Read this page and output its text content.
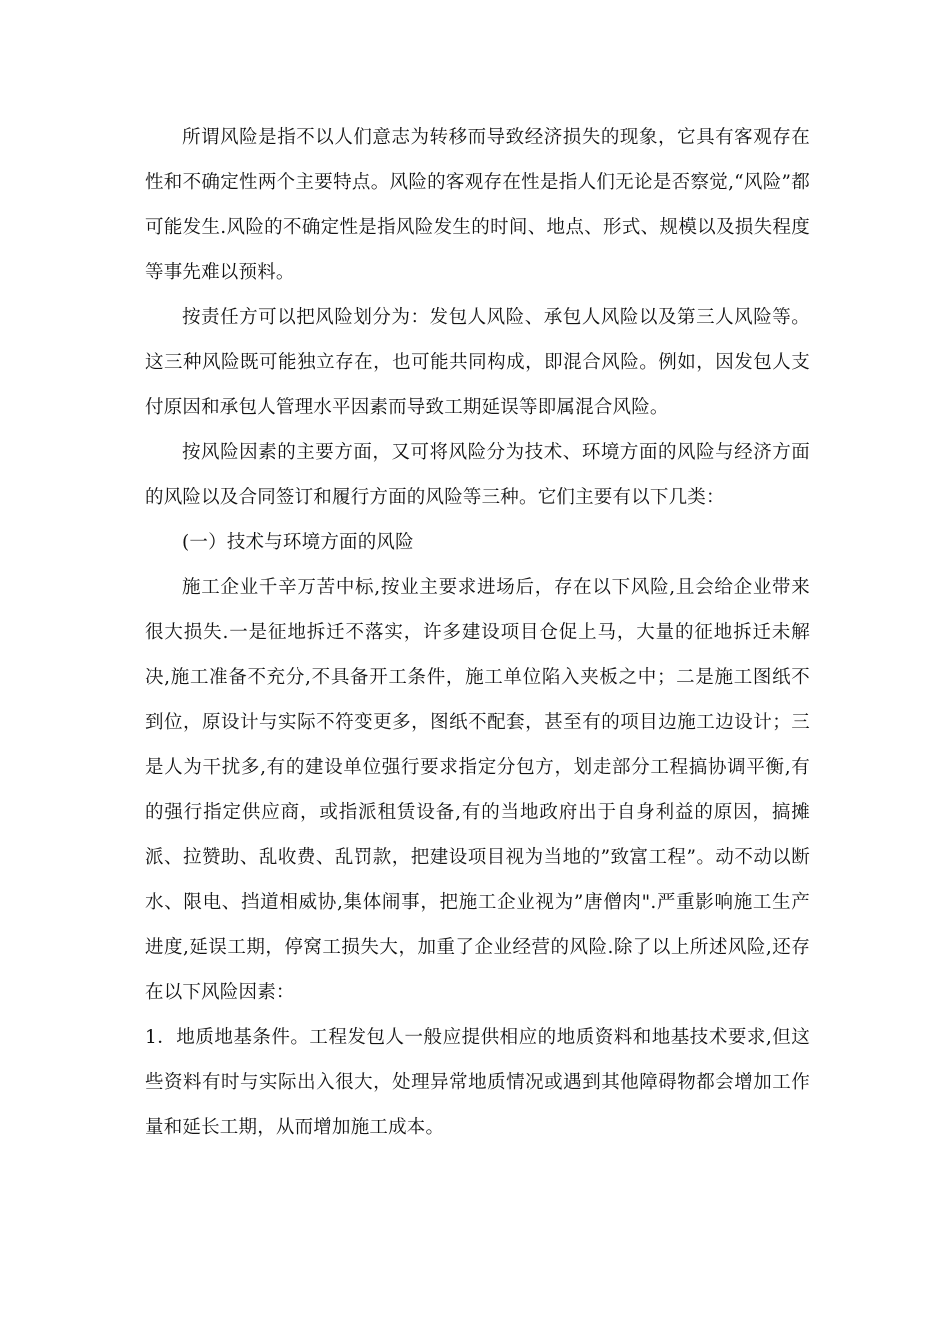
所谓风险是指不以人们意志为转移而导致经济损失的现象，它具有客观存在性和不确定性两个主要特点。风险的客观存在性是指人们无论是否察觉,“风险”都可能发生.风险的不确定性是指风险发生的时间、地点、形式、规模以及损失程度等事先难以预料。

按责任方可以把风险划分为：发包人风险、承包人风险以及第三人风险等。这三种风险既可能独立存在，也可能共同构成，即混合风险。例如，因发包人支付原因和承包人管理水平因素而导致工期延误等即属混合风险。

按风险因素的主要方面，又可将风险分为技术、环境方面的风险与经济方面的风险以及合同签订和履行方面的风险等三种。它们主要有以下几类：

(一）技术与环境方面的风险

施工企业千辛万苦中标,按业主要求进场后，存在以下风险,且会给企业带来很大损失.一是征地拆迁不落实，许多建设项目仓促上马，大量的征地拆迁未解决,施工准备不充分,不具备开工条件，施工单位陷入夹板之中；二是施工图纸不到位，原设计与实际不符变更多，图纸不配套，甚至有的项目边施工边设计；三是人为干扰多,有的建设单位强行要求指定分包方，划走部分工程搞协调平衡,有的强行指定供应商，或指派租赁设备,有的当地政府出于自身利益的原因，搞摊派、拉赞助、乱收费、乱罚款，把建设项目视为当地的”致富工程”。动不动以断水、限电、挡道相威协,集体闹事，把施工企业视为”唐僧肉".严重影响施工生产进度,延误工期，停窝工损失大，加重了企业经营的风险.除了以上所述风险,还存在以下风险因素：

1．地质地基条件。工程发包人一般应提供相应的地质资料和地基技术要求,但这些资料有时与实际出入很大，处理异常地质情况或遇到其他障碍物都会增加工作量和延长工期，从而增加施工成本。
